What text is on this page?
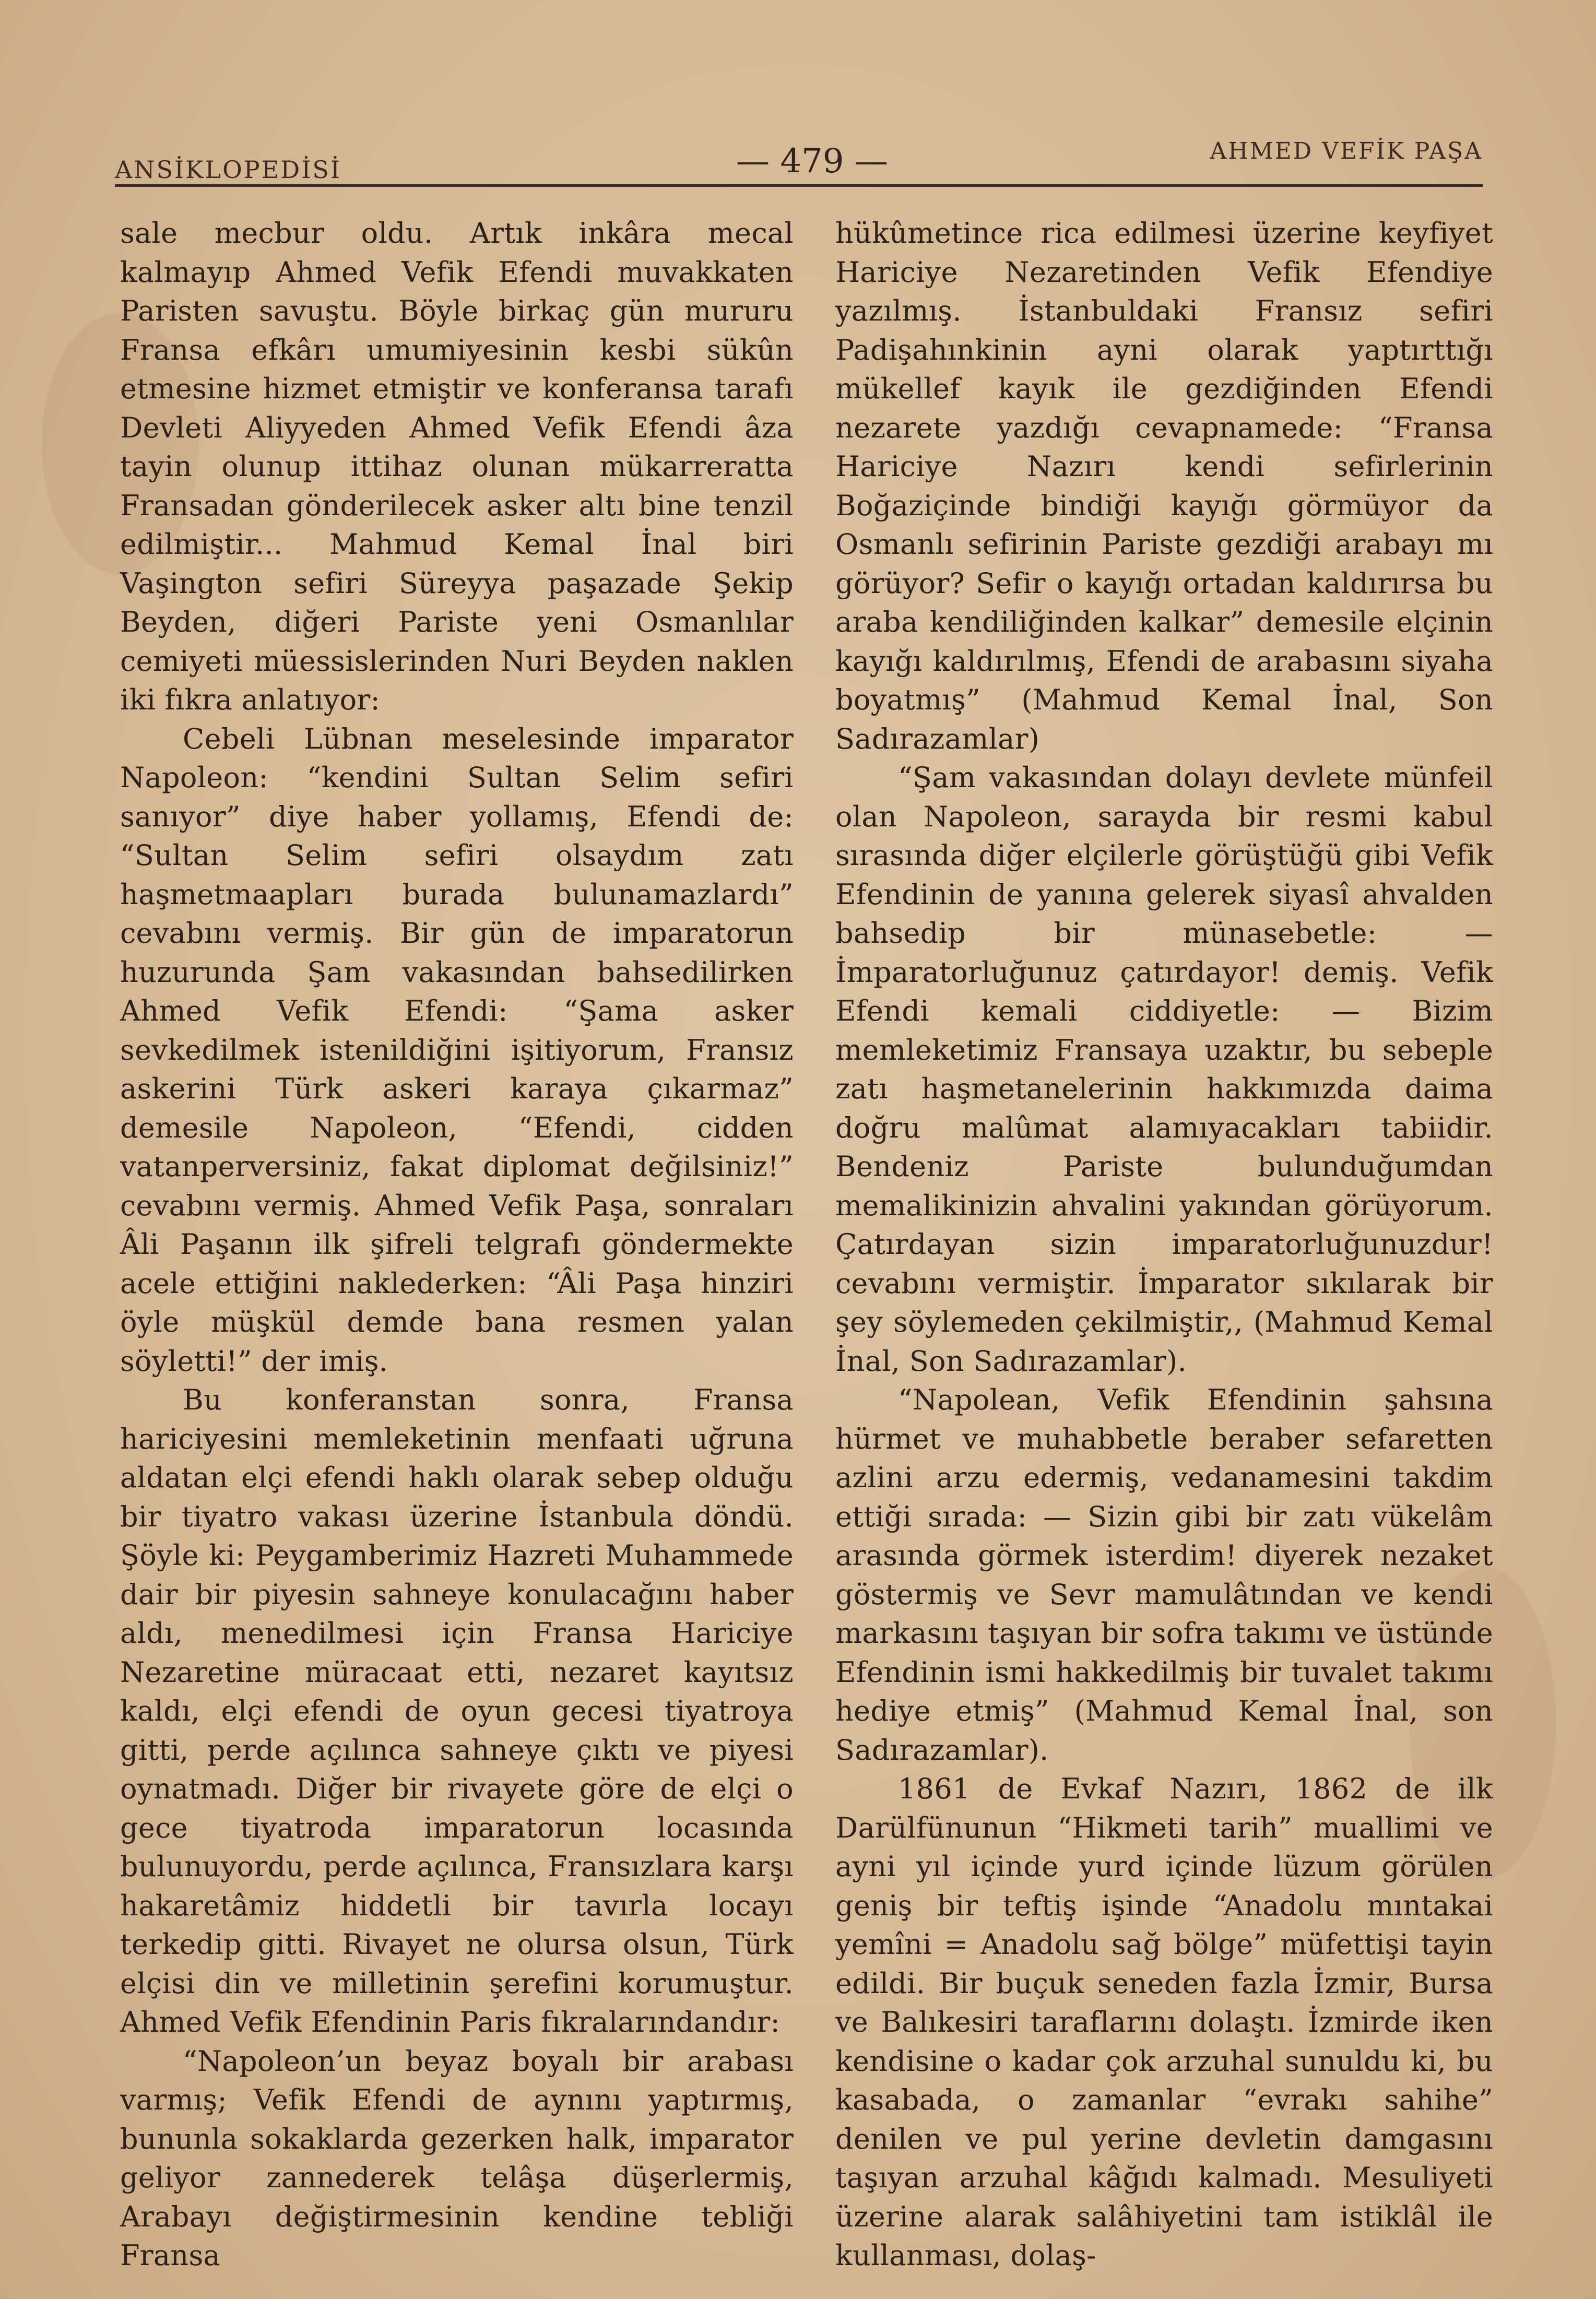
ANSİKLOPEDİSİ	— 479 —	AHMED VEFİK PAŞA

sale mecbur oldu. Artık inkâra mecal kalmayıp Ahmed Vefik Efendi muvakkaten Paristen savuştu. Böyle birkaç gün mururu Fransa efkârı umumiyesinin kesbi sükûn etmesine hizmet etmiştir ve konferansa tarafı Devleti Aliyyeden Ahmed Vefik Efendi âza tayin olunup ittihaz olunan mükarreratta Fransadan gönderilecek asker altı bine tenzil edilmiştir... Mahmud Kemal İnal biri Vaşington sefiri Süreyya paşazade Şekip Beyden, diğeri Pariste yeni Osmanlılar cemiyeti müessislerinden Nuri Beyden naklen iki fıkra anlatıyor:

Cebeli Lübnan meselesinde imparator Napoleon: “kendini Sultan Selim sefiri sanıyor” diye haber yollamış, Efendi de: “Sultan Selim sefiri olsaydım zatı haşmetmaapları burada bulunamazlardı” cevabını vermiş. Bir gün de imparatorun huzurunda Şam vakasından bahsedilirken Ahmed Vefik Efendi: “Şama asker sevkedilmek istenildiğini işitiyorum, Fransız askerini Türk askeri karaya çıkarmaz” demesile Napoleon, “Efendi, cidden vatanperversiniz, fakat diplomat değilsiniz!” cevabını vermiş. Ahmed Vefik Paşa, sonraları Âli Paşanın ilk şifreli telgrafı göndermekte acele ettiğini naklederken: “Âli Paşa hinziri öyle müşkül demde bana resmen yalan söyletti!” der imiş.

Bu konferanstan sonra, Fransa hariciyesini memleketinin menfaati uğruna aldatan elçi efendi haklı olarak sebep olduğu bir tiyatro vakası üzerine İstanbula döndü. Şöyle ki: Peygamberimiz Hazreti Muhammede dair bir piyesin sahneye konulacağını haber aldı, menedilmesi için Fransa Hariciye Nezaretine müracaat etti, nezaret kayıtsız kaldı, elçi efendi de oyun gecesi tiyatroya gitti, perde açılınca sahneye çıktı ve piyesi oynatmadı. Diğer bir rivayete göre de elçi o gece tiyatroda imparatorun locasında bulunuyordu, perde açılınca, Fransızlara karşı hakaretâmiz hiddetli bir tavırla locayı terkedip gitti. Rivayet ne olursa olsun, Türk elçisi din ve milletinin şerefini korumuştur. Ahmed Vefik Efendinin Paris fıkralarındandır:

“Napoleon’un beyaz boyalı bir arabası varmış; Vefik Efendi de aynını yaptırmış, bununla sokaklarda gezerken halk, imparator geliyor zannederek telâşa düşerlermiş, Arabayı değiştirmesinin kendine tebliği Fransa

hükûmetince rica edilmesi üzerine keyfiyet Hariciye Nezaretinden Vefik Efendiye yazılmış. İstanbuldaki Fransız sefiri Padişahınkinin ayni olarak yaptırttığı mükellef kayık ile gezdiğinden Efendi nezarete yazdığı cevapnamede: “Fransa Hariciye Nazırı kendi sefirlerinin Boğaziçinde bindiği kayığı görmüyor da Osmanlı sefirinin Pariste gezdiği arabayı mı görüyor? Sefir o kayığı ortadan kaldırırsa bu araba kendiliğinden kalkar” demesile elçinin kayığı kaldırılmış, Efendi de arabasını siyaha boyatmış” (Mahmud Kemal İnal, Son Sadırazamlar)

“Şam vakasından dolayı devlete münfeil olan Napoleon, sarayda bir resmi kabul sırasında diğer elçilerle görüştüğü gibi Vefik Efendinin de yanına gelerek siyasî ahvalden bahsedip bir münasebetle: — İmparatorluğunuz çatırdayor! demiş. Vefik Efendi kemali ciddiyetle: — Bizim memleketimiz Fransaya uzaktır, bu sebeple zatı haşmetanelerinin hakkımızda daima doğru malûmat alamıyacakları tabiidir. Bendeniz Pariste bulunduğumdan memalikinizin ahvalini yakından görüyorum. Çatırdayan sizin imparatorluğunuzdur! cevabını vermiştir. İmparator sıkılarak bir şey söylemeden çekilmiştir,, (Mahmud Kemal İnal, Son Sadırazamlar).

“Napolean, Vefik Efendinin şahsına hürmet ve muhabbetle beraber sefaretten azlini arzu edermiş, vedanamesini takdim ettiği sırada: — Sizin gibi bir zatı vükelâm arasında görmek isterdim! diyerek nezaket göstermiş ve Sevr mamulâtından ve kendi markasını taşıyan bir sofra takımı ve üstünde Efendinin ismi hakkedilmiş bir tuvalet takımı hediye etmiş” (Mahmud Kemal İnal, son Sadırazamlar).

1861 de Evkaf Nazırı, 1862 de ilk Darülfünunun “Hikmeti tarih” muallimi ve ayni yıl içinde yurd içinde lüzum görülen geniş bir teftiş işinde “Anadolu mıntakai yemîni = Anadolu sağ bölge” müfettişi tayin edildi. Bir buçuk seneden fazla İzmir, Bursa ve Balıkesiri taraflarını dolaştı. İzmirde iken kendisine o kadar çok arzuhal sunuldu ki, bu kasabada, o zamanlar “evrakı sahihe” denilen ve pul yerine devletin damgasını taşıyan arzuhal kâğıdı kalmadı. Mesuliyeti üzerine alarak salâhiyetini tam istiklâl ile kullanması, dolaş-
